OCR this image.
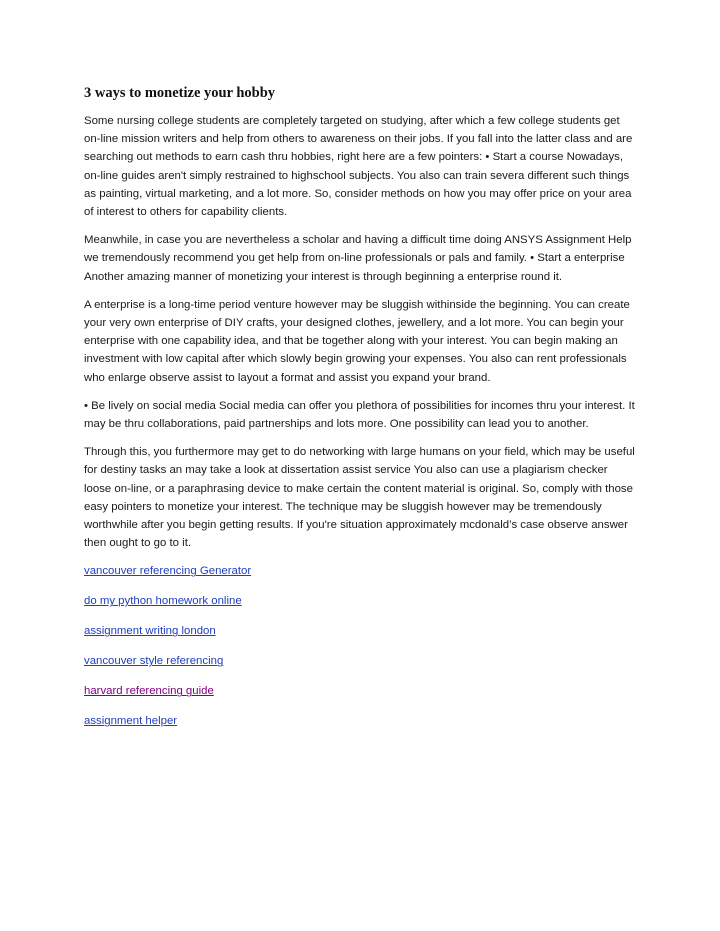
3 ways to monetize your hobby

Some nursing college students are completely targeted on studying, after which a few college students get on-line mission writers and help from others to awareness on their jobs. If you fall into the latter class and are searching out methods to earn cash thru hobbies, right here are a few pointers: • Start a course Nowadays, on-line guides aren't simply restrained to highschool subjects. You also can train severa different such things as painting, virtual marketing, and a lot more. So, consider methods on how you may offer price on your area of interest to others for capability clients.

Meanwhile, in case you are nevertheless a scholar and having a difficult time doing ANSYS Assignment Help we tremendously recommend you get help from on-line professionals or pals and family. • Start a enterprise Another amazing manner of monetizing your interest is through beginning a enterprise round it.

A enterprise is a long-time period venture however may be sluggish withinside the beginning. You can create your very own enterprise of DIY crafts, your designed clothes, jewellery, and a lot more. You can begin your enterprise with one capability idea, and that be together along with your interest. You can begin making an investment with low capital after which slowly begin growing your expenses. You also can rent professionals who enlarge observe assist to layout a format and assist you expand your brand.

• Be lively on social media Social media can offer you plethora of possibilities for incomes thru your interest. It may be thru collaborations, paid partnerships and lots more. One possibility can lead you to another.

Through this, you furthermore may get to do networking with large humans on your field, which may be useful for destiny tasks an may take a look at dissertation assist service You also can use a plagiarism checker loose on-line, or a paraphrasing device to make certain the content material is original. So, comply with those easy pointers to monetize your interest. The technique may be sluggish however may be tremendously worthwhile after you begin getting results. If you're situation approximately mcdonald’s case observe answer then ought to go to it.

vancouver referencing Generator
do my python homework online
assignment writing london
vancouver style referencing
harvard referencing guide
assignment helper
